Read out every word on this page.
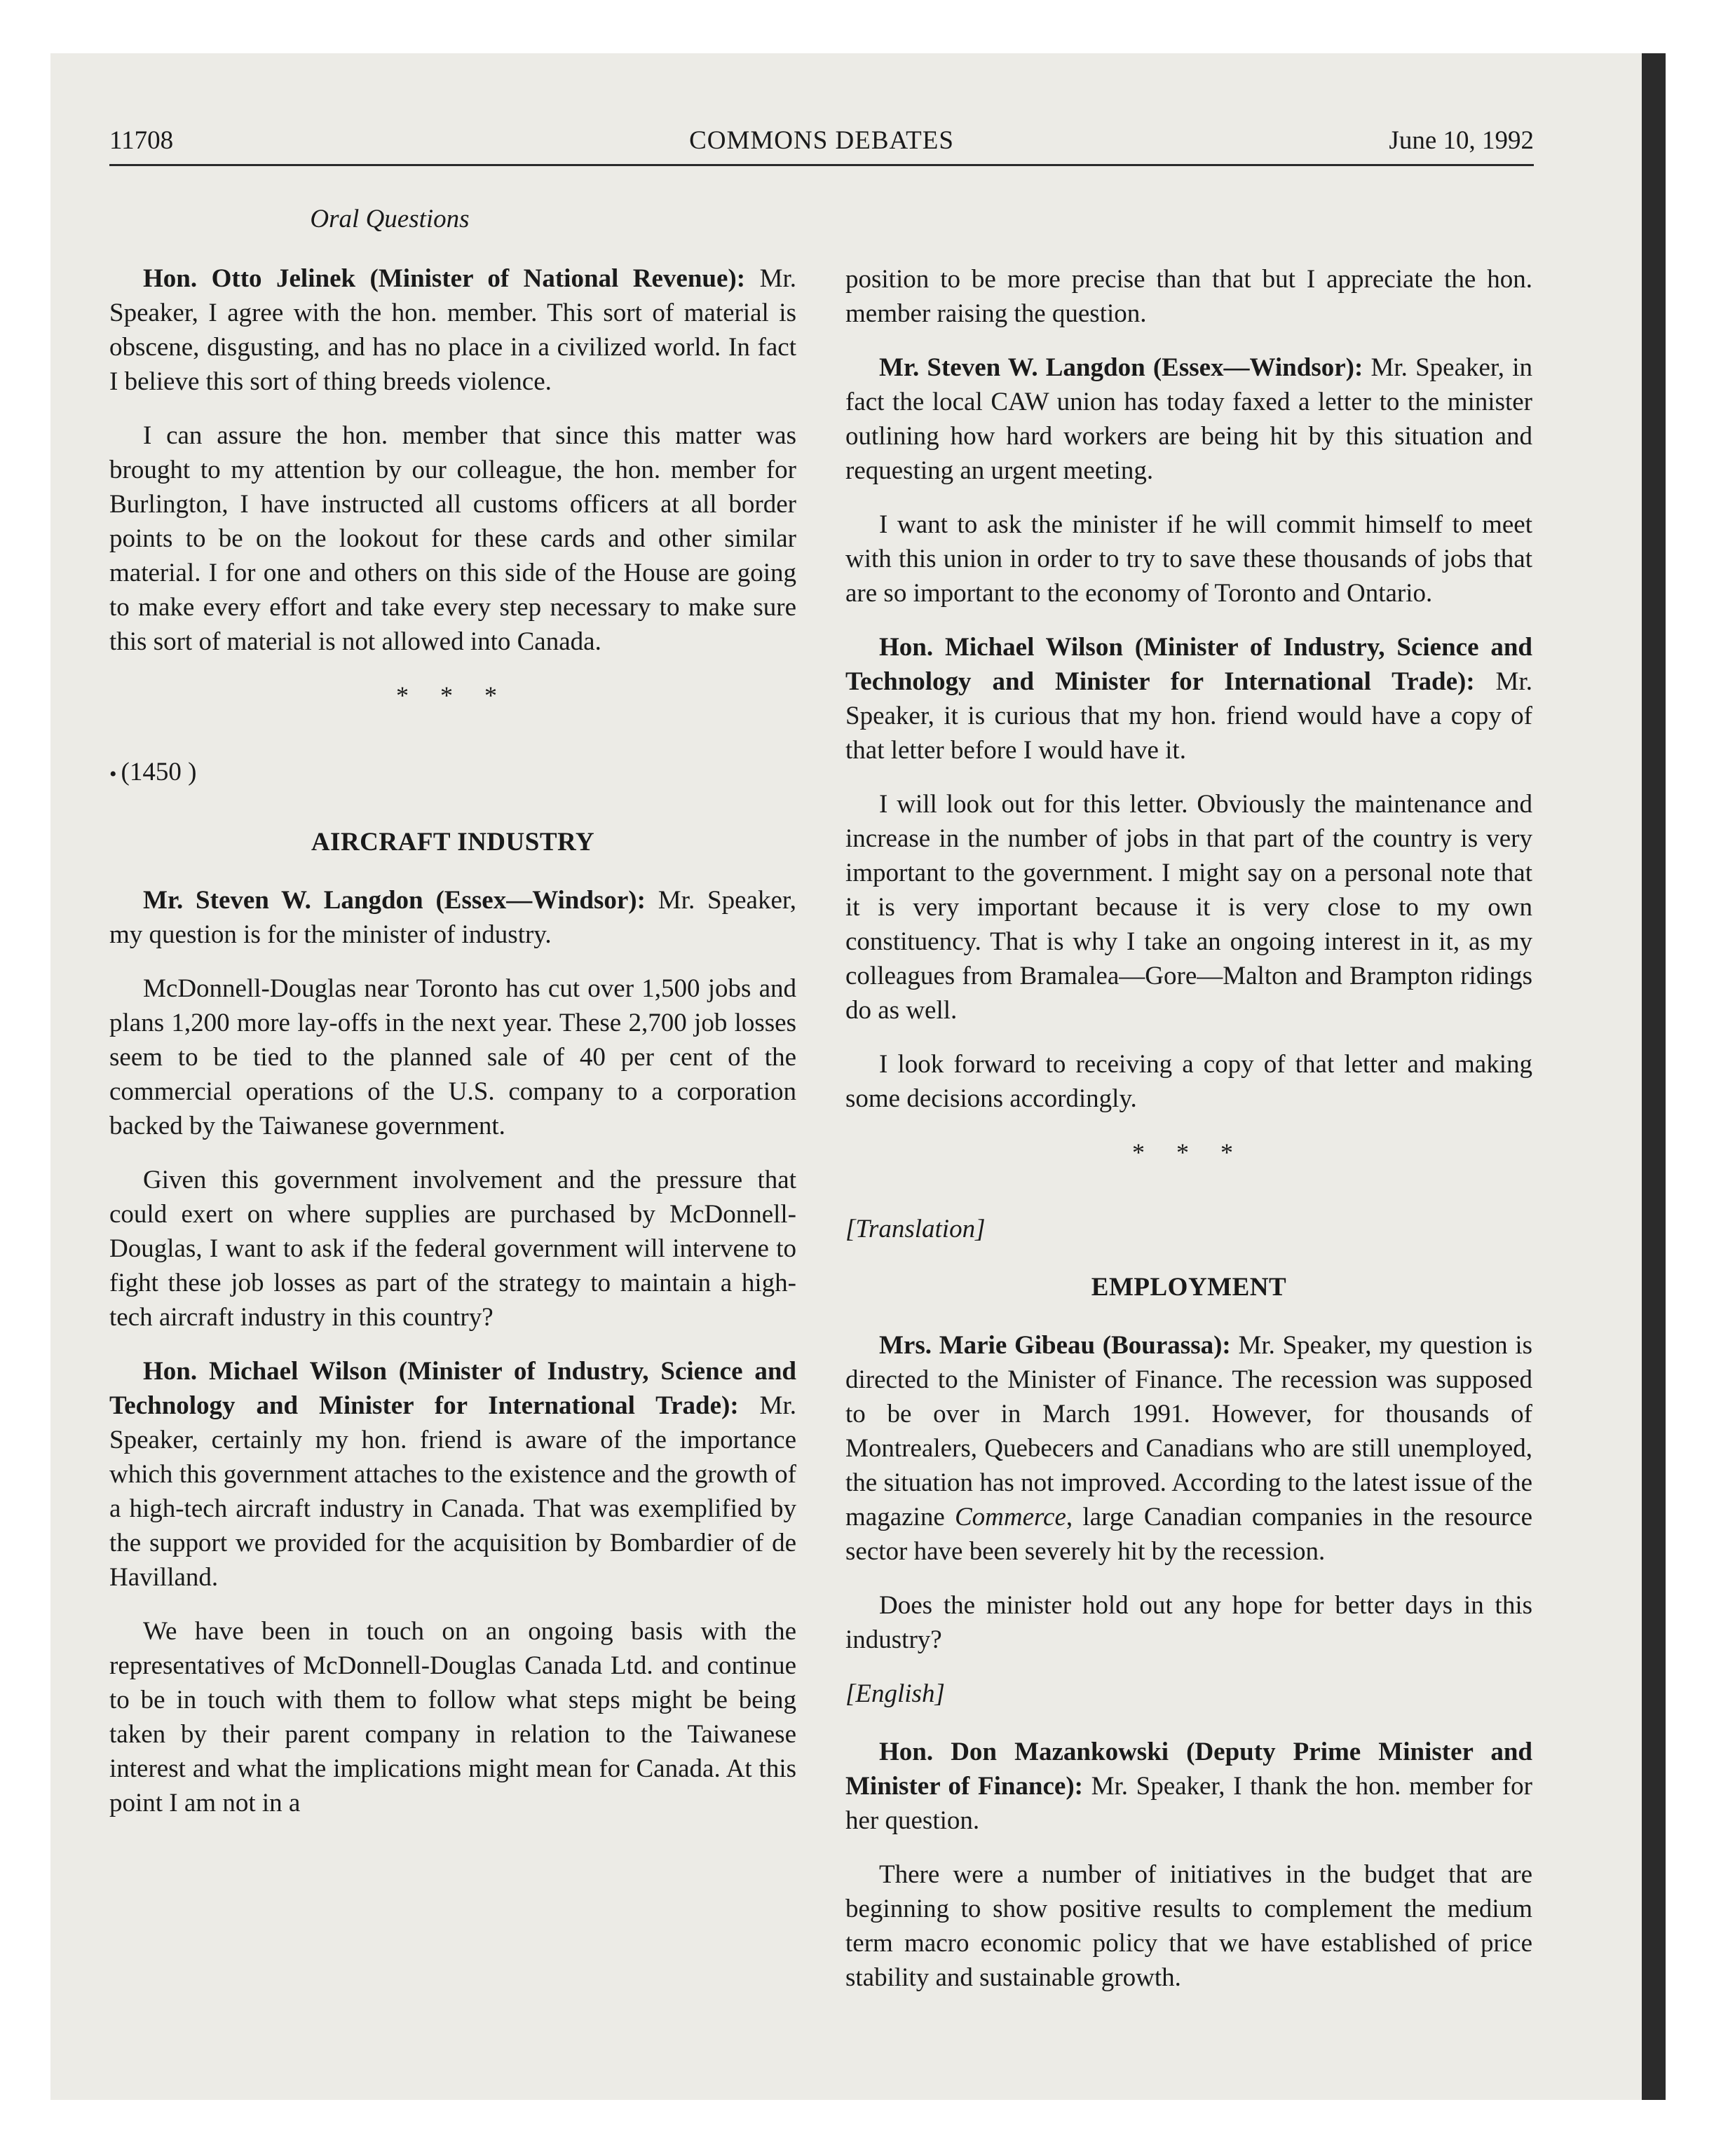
11708	COMMONS DEBATES	June 10, 1992
Oral Questions

Hon. Otto Jelinek (Minister of National Revenue): Mr. Speaker, I agree with the hon. member. This sort of material is obscene, disgusting, and has no place in a civilized world. In fact I believe this sort of thing breeds violence.

I can assure the hon. member that since this matter was brought to my attention by our colleague, the hon. member for Burlington, I have instructed all customs officers at all border points to be on the lookout for these cards and other similar material. I for one and others on this side of the House are going to make every effort and take every step necessary to make sure this sort of material is not allowed into Canada.

* * *

• (1450 )

AIRCRAFT INDUSTRY

Mr. Steven W. Langdon (Essex—Windsor): Mr. Speaker, my question is for the minister of industry.

McDonnell-Douglas near Toronto has cut over 1,500 jobs and plans 1,200 more lay-offs in the next year. These 2,700 job losses seem to be tied to the planned sale of 40 per cent of the commercial operations of the U.S. company to a corporation backed by the Taiwanese government.

Given this government involvement and the pressure that could exert on where supplies are purchased by McDonnell-Douglas, I want to ask if the federal government will intervene to fight these job losses as part of the strategy to maintain a high-tech aircraft industry in this country?

Hon. Michael Wilson (Minister of Industry, Science and Technology and Minister for International Trade): Mr. Speaker, certainly my hon. friend is aware of the importance which this government attaches to the existence and the growth of a high-tech aircraft industry in Canada. That was exemplified by the support we provided for the acquisition by Bombardier of de Havilland.

We have been in touch on an ongoing basis with the representatives of McDonnell-Douglas Canada Ltd. and continue to be in touch with them to follow what steps might be being taken by their parent company in relation to the Taiwanese interest and what the implications might mean for Canada. At this point I am not in a

position to be more precise than that but I appreciate the hon. member raising the question.

Mr. Steven W. Langdon (Essex—Windsor): Mr. Speaker, in fact the local CAW union has today faxed a letter to the minister outlining how hard workers are being hit by this situation and requesting an urgent meeting.

I want to ask the minister if he will commit himself to meet with this union in order to try to save these thousands of jobs that are so important to the economy of Toronto and Ontario.

Hon. Michael Wilson (Minister of Industry, Science and Technology and Minister for International Trade): Mr. Speaker, it is curious that my hon. friend would have a copy of that letter before I would have it.

I will look out for this letter. Obviously the maintenance and increase in the number of jobs in that part of the country is very important to the government. I might say on a personal note that it is very important because it is very close to my own constituency. That is why I take an ongoing interest in it, as my colleagues from Bramalea—Gore—Malton and Brampton ridings do as well.

I look forward to receiving a copy of that letter and making some decisions accordingly.

* * *

[Translation]

EMPLOYMENT

Mrs. Marie Gibeau (Bourassa): Mr. Speaker, my question is directed to the Minister of Finance. The recession was supposed to be over in March 1991. However, for thousands of Montrealers, Quebecers and Canadians who are still unemployed, the situation has not improved. According to the latest issue of the magazine Commerce, large Canadian companies in the resource sector have been severely hit by the recession.

Does the minister hold out any hope for better days in this industry?

[English]

Hon. Don Mazankowski (Deputy Prime Minister and Minister of Finance): Mr. Speaker, I thank the hon. member for her question.

There were a number of initiatives in the budget that are beginning to show positive results to complement the medium term macro economic policy that we have established of price stability and sustainable growth.
